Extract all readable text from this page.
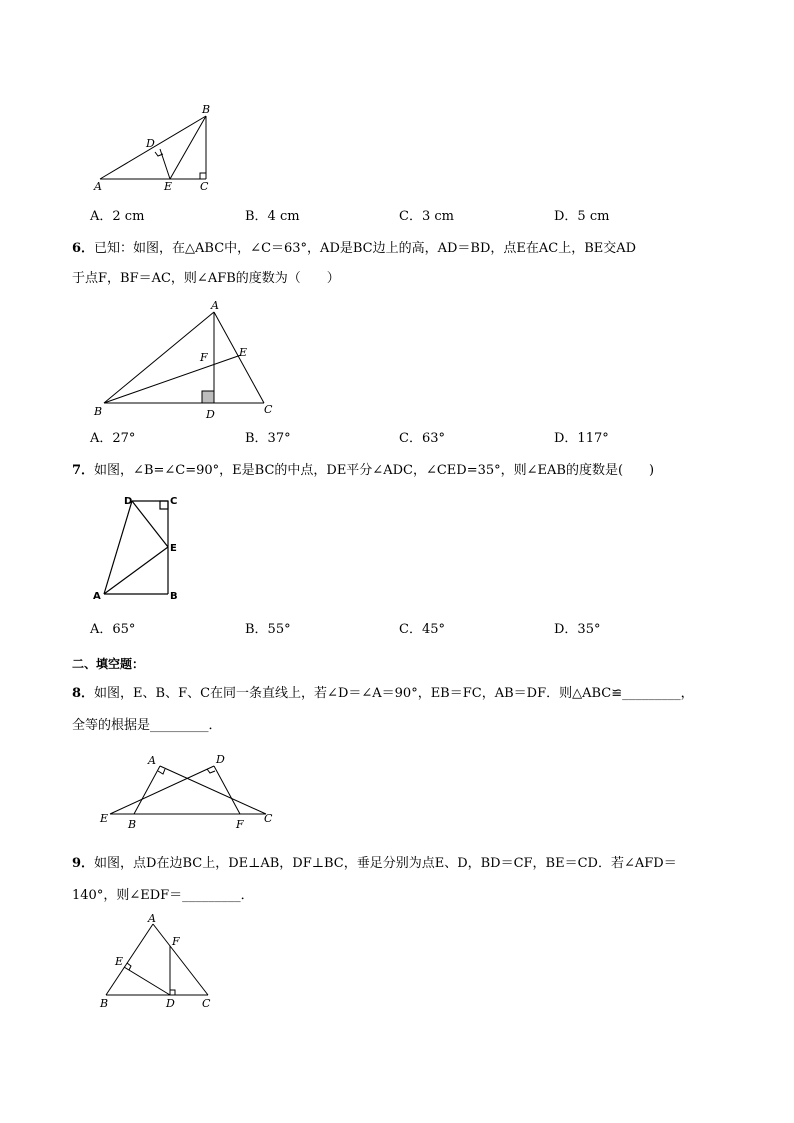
A
B
C
D
E
A．2 cm	B．4 cm	C．3 cm	D．5 cm
6．已知：如图，在△ABC中，∠C＝63°，AD是BC边上的高，AD＝BD，点E在AC上，BE交AD
于点F，BF＝AC，则∠AFB的度数为（　　）
A
B	C
D
E
F
A．27°	B．37°	C．63°	D．117°
7．如图，∠B=∠C=90°，E是BC的中点，DE平分∠ADC，∠CED=35°，则∠EAB的度数是(　　)
D	C
E
A	B
A．65°	B．55°	C．45°	D．35°
二、填空题：
8．如图，E、B、F、C在同一条直线上，若∠D＝∠A＝90°，EB＝FC，AB＝DF．则△ABC≌_________，
全等的根据是_________．
A	D
E B	F C
9．如图，点D在边BC上，DE⊥AB，DF⊥BC，垂足分别为点E、D，BD＝CF，BE＝CD．若∠AFD＝
140°，则∠EDF＝_________．
A
F
E
B	D C
